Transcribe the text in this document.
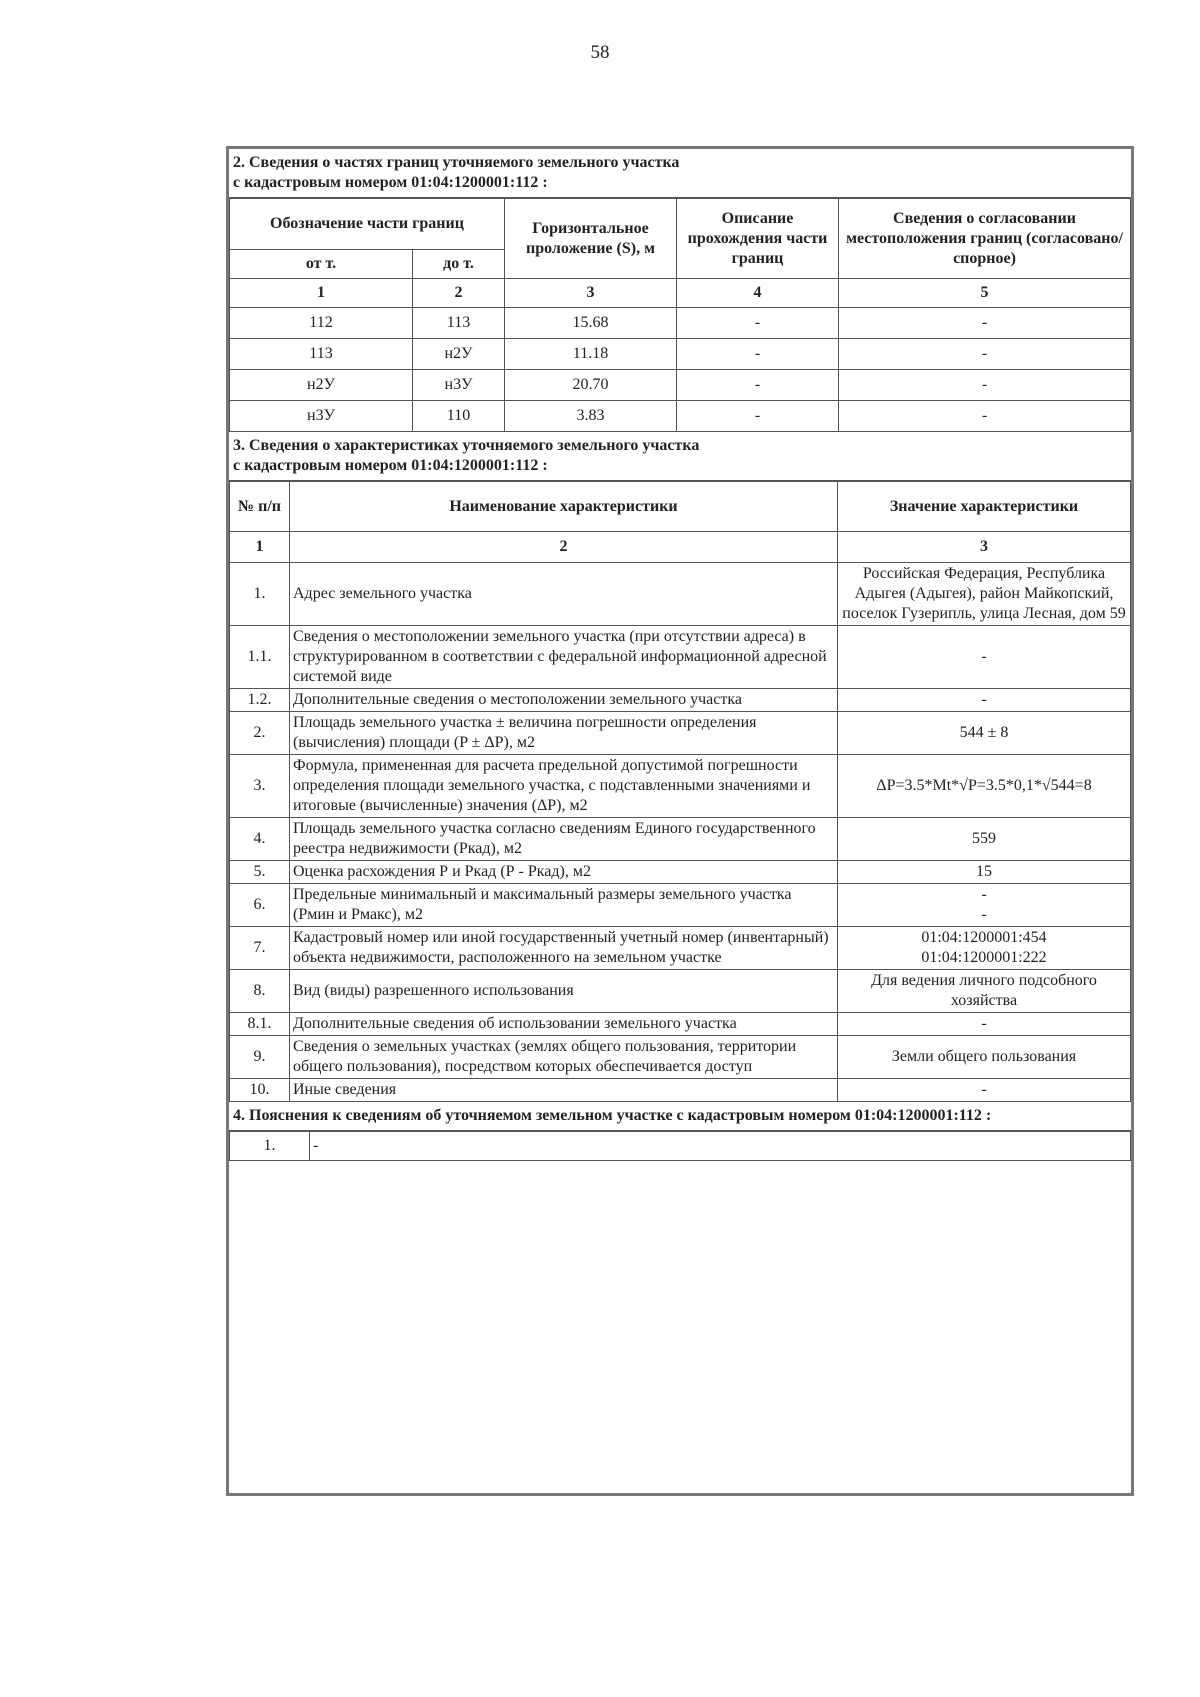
58
2. Сведения о частях границ уточняемого земельного участка
с кадастровым номером 01:04:1200001:112 :
Обозначение части границ		Горизонтальное проложение (S), м	Описание прохождения части границ	Сведения о согласовании местоположения границ (согласовано/спорное)
от т.	до т.			
1	2	3	4	5
112	113	15.68	-	-
113	н2У	11.18	-	-
н2У	н3У	20.70	-	-
н3У	110	3.83	-	-
3. Сведения о характеристиках уточняемого земельного участка
с кадастровым номером 01:04:1200001:112 :
№ п/п	Наименование характеристики	Значение характеристики
1	2	3
1.	Адрес земельного участка	Российская Федерация, Республика Адыгея (Адыгея), район Майкопский, поселок Гузерипль, улица Лесная, дом 59
1.1.	Сведения о местоположении земельного участка (при отсутствии адреса) в структурированном в соответствии с федеральной информационной адресной системой виде	-
1.2.	Дополнительные сведения о местоположении земельного участка	-
2.	Площадь земельного участка ± величина погрешности определения (вычисления) площади (P ± ΔP), м2	544 ± 8
3.	Формула, примененная для расчета предельной допустимой погрешности определения площади земельного участка, с подставленными значениями и итоговые (вычисленные) значения (ΔP), м2	ΔP=3.5*Mt*√P=3.5*0,1*√544=8
4.	Площадь земельного участка согласно сведениям Единого государственного реестра недвижимости (Ркад), м2	559
5.	Оценка расхождения Р и Ркад (Р - Ркад), м2	15
6.	Предельные минимальный и максимальный размеры земельного участка (Рмин и Рмакс), м2	-
-

7.	Кадастровый номер или иной государственный учетный номер (инвентарный) объекта недвижимости, расположенного на земельном участке	01:04:1200001:454
01:04:1200001:222

8.	Вид (виды) разрешенного использования	Для ведения личного подсобного хозяйства
8.1.	Дополнительные сведения об использовании земельного участка	-
9.	Сведения о земельных участках (землях общего пользования, территории общего пользования), посредством которых обеспечивается доступ	Земли общего пользования
10.	Иные сведения	-
4. Пояснения к сведениям об уточняемом земельном участке с кадастровым номером 01:04:1200001:112 :
1.	-
